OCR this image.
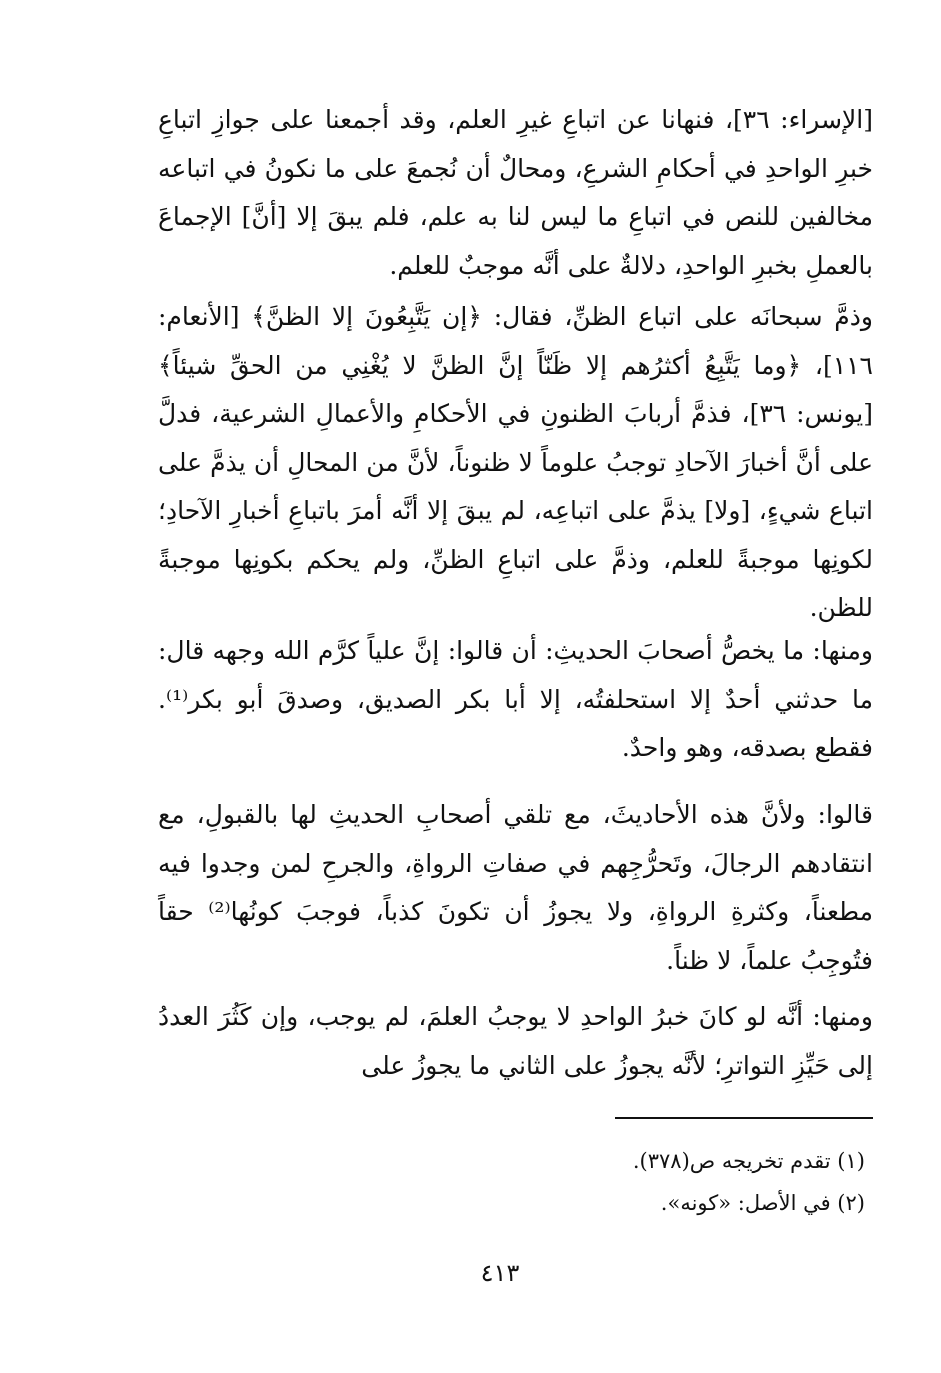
[الإسراء: ٣٦]، فنهانا عن اتباعِ غيرِ العلم، وقد أجمعنا على جوازِ اتباعِ خبرِ الواحدِ في أحكامِ الشرعِ، ومحالٌ أن نُجمعَ على ما نكونُ في اتباعه مخالفين للنص في اتباعِ ما ليس لنا به علم، فلم يبقَ إلا [أنَّ] الإجماعَ بالعملِ بخبرِ الواحدِ، دلالةٌ على أنَّه موجبٌ للعلم.

وذمَّ سبحانَه على اتباع الظنِّ، فقال: ﴿إن يَتَّبِعُونَ إلا الظنَّ﴾ [الأنعام: ١١٦]، ﴿وما يَتَّبِعُ أكثرُهم إلا ظَنّاً إنَّ الظنَّ لا يُغْنِي من الحقِّ شيئاً﴾ [يونس: ٣٦]، فذمَّ أربابَ الظنونِ في الأحكامِ والأعمالِ الشرعية، فدلَّ على أنَّ أخبارَ الآحادِ توجبُ علوماً لا ظنوناً، لأنَّ من المحالِ أن يذمَّ على اتباع شيءٍ، [ولا] يذمَّ على اتباعِه، لم يبقَ إلا أنَّه أمرَ باتباعِ أخبارِ الآحادِ؛ لكونِها موجبةً للعلم، وذمَّ على اتباعِ الظنِّ، ولم يحكم بكونِها موجبةً للظن.

ومنها: ما يخصُّ أصحابَ الحديثِ: أن قالوا: إنَّ علياً كرَّم الله وجهه قال: ما حدثني أحدٌ إلا استحلفتُه، إلا أبا بكر الصديق، وصدقَ أبو بكر⁽¹⁾. فقطع بصدقه، وهو واحدٌ.

قالوا: ولأنَّ هذه الأحاديثَ، مع تلقي أصحابِ الحديثِ لها بالقبولِ، مع انتقادهم الرجالَ، وتَحرُّجِهم في صفاتِ الرواةِ، والجرحِ لمن وجدوا فيه مطعناً، وكثرةِ الرواةِ، ولا يجوزُ أن تكونَ كذباً، فوجبَ كونُها⁽²⁾ حقاً فتُوجِبُ علماً، لا ظناً.

ومنها: أنَّه لو كانَ خبرُ الواحدِ لا يوجبُ العلمَ، لم يوجب، وإن كَثُرَ العددُ إلى حَيِّزِ التواترِ؛ لأنَّه يجوزُ على الثاني ما يجوزُ على

(١) تقدم تخريجه ص(٣٧٨).

(٢) في الأصل: «كونه».

٤١٣
